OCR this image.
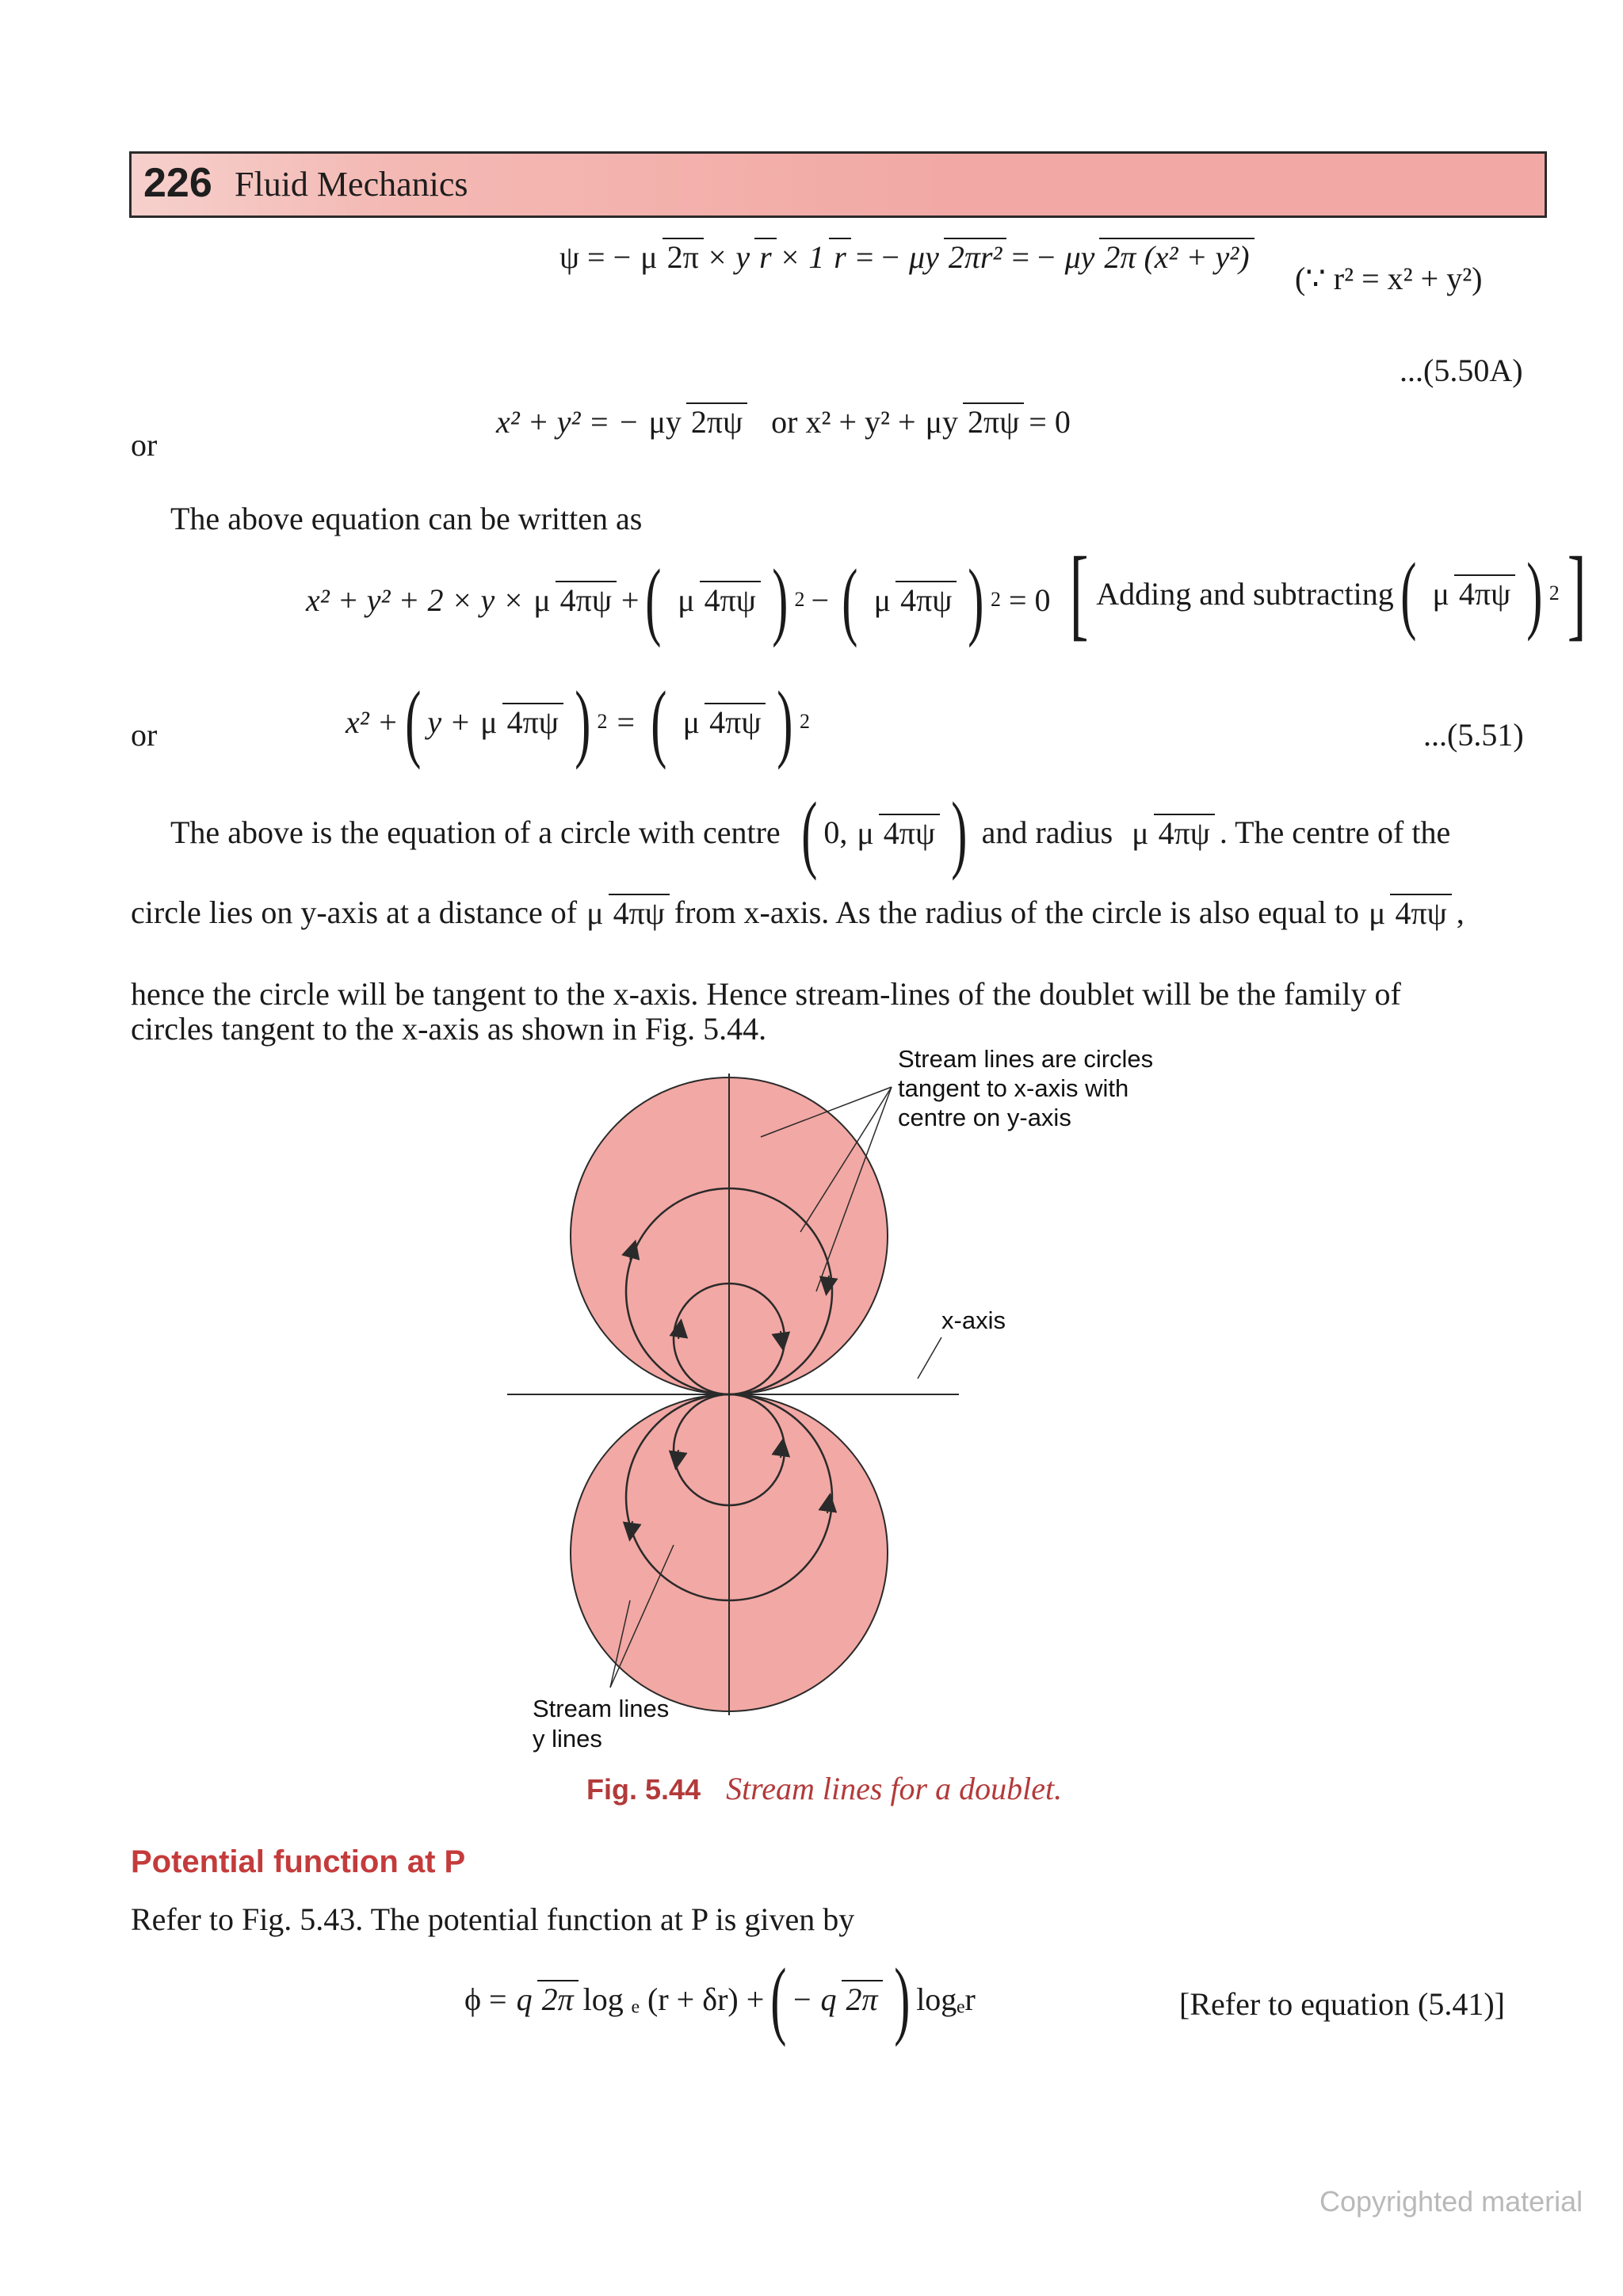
226 Fluid Mechanics
ψ = − μ 2π × y r × 1 r = − μy 2πr² = − μy 2π (x² + y²)
(∵ r² = x² + y²)
...(5.50A)
or
x² + y² = − μy 2πψ or x² + y² + μy 2πψ = 0
The above equation can be written as
x² + y² + 2 × y × μ 4πψ + ( μ 4πψ ) 2 − ( μ 4πψ ) 2 = 0 [ Adding and subtracting ( μ 4πψ ) 2 ]
or	x² + ( y + μ 4πψ ) 2 = ( μ 4πψ ) 2	...(5.51)
The above is the equation of a circle with centre ( 0, μ 4πψ ) and radius μ 4πψ . The centre of the
circle lies on y-axis at a distance of μ 4πψ from x-axis. As the radius of the circle is also equal to μ 4πψ ,
hence the circle will be tangent to the x-axis. Hence stream-lines of the doublet will be the family of
circles tangent to the x-axis as shown in Fig. 5.44.
Stream lines are circles
tangent to x-axis with
centre on y-axis
x-axis
Stream lines
y lines
Fig. 5.44 Stream lines for a doublet.
Potential function at P
Refer to Fig. 5.43. The potential function at P is given by
ϕ = q 2π log ₑ (r + δr) + ( − q 2π ) logₑr	[Refer to equation (5.41)]
Copyrighted material
